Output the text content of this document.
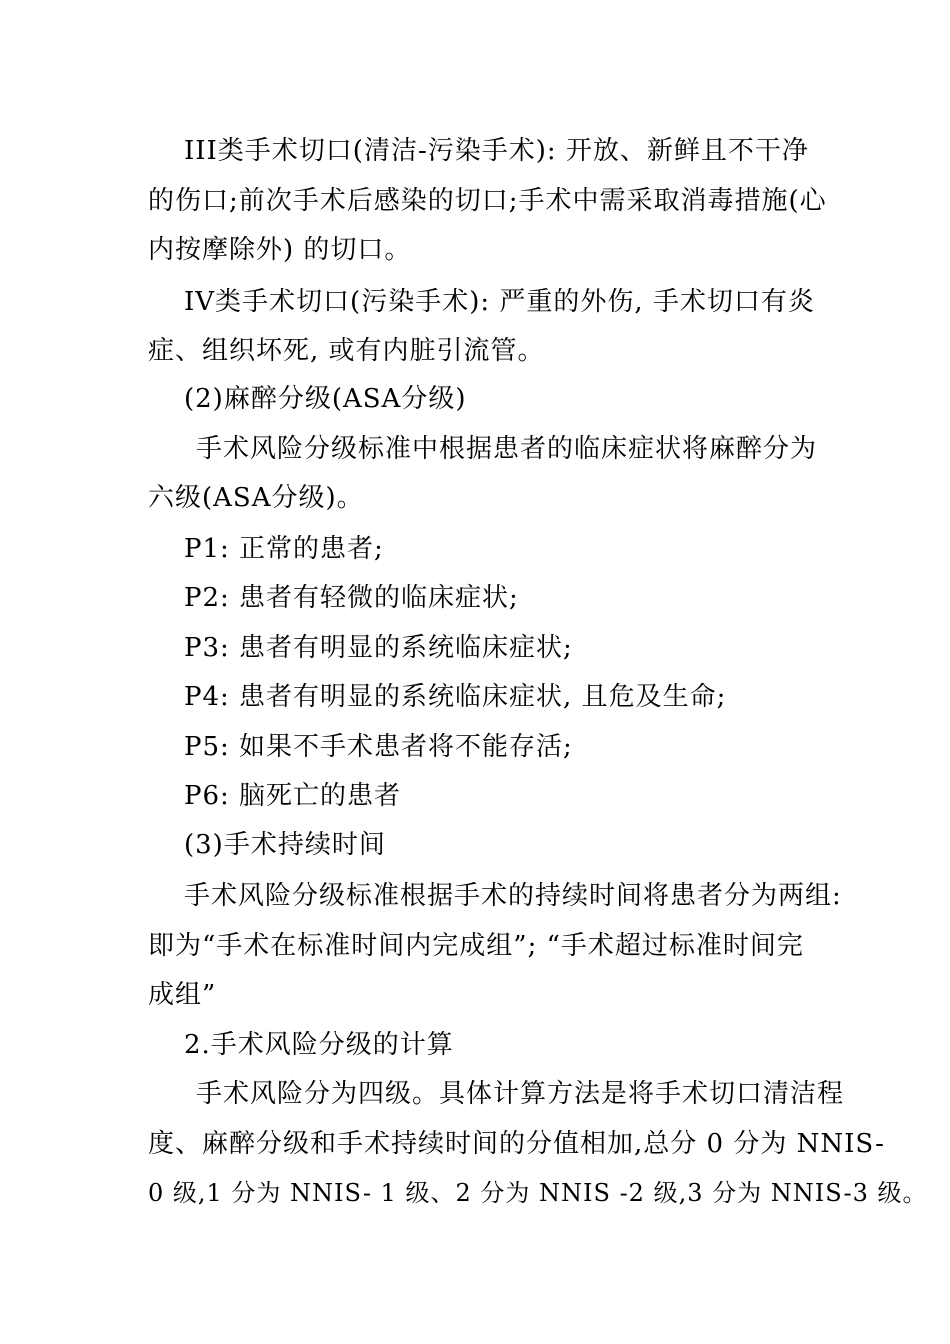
III类手术切口(清洁-污染手术): 开放、新鲜且不干净
的伤口;前次手术后感染的切口;手术中需采取消毒措施(心
内按摩除外) 的切口。
IV类手术切口(污染手术): 严重的外伤, 手术切口有炎
症、组织坏死, 或有内脏引流管。
(2)麻醉分级(ASA分级)
手术风险分级标准中根据患者的临床症状将麻醉分为
六级(ASA分级)。
P1: 正常的患者;
P2: 患者有轻微的临床症状;
P3: 患者有明显的系统临床症状;
P4: 患者有明显的系统临床症状, 且危及生命;
P5: 如果不手术患者将不能存活;
P6: 脑死亡的患者
(3)手术持续时间
手术风险分级标准根据手术的持续时间将患者分为两组:
即为“手术在标准时间内完成组”; “手术超过标准时间完
成组”
2.手术风险分级的计算
手术风险分为四级。具体计算方法是将手术切口清洁程
度、麻醉分级和手术持续时间的分值相加,总分 0 分为 NNIS-
0 级,1 分为 NNIS- 1 级、2 分为 NNIS -2 级,3 分为 NNIS-3 级。
